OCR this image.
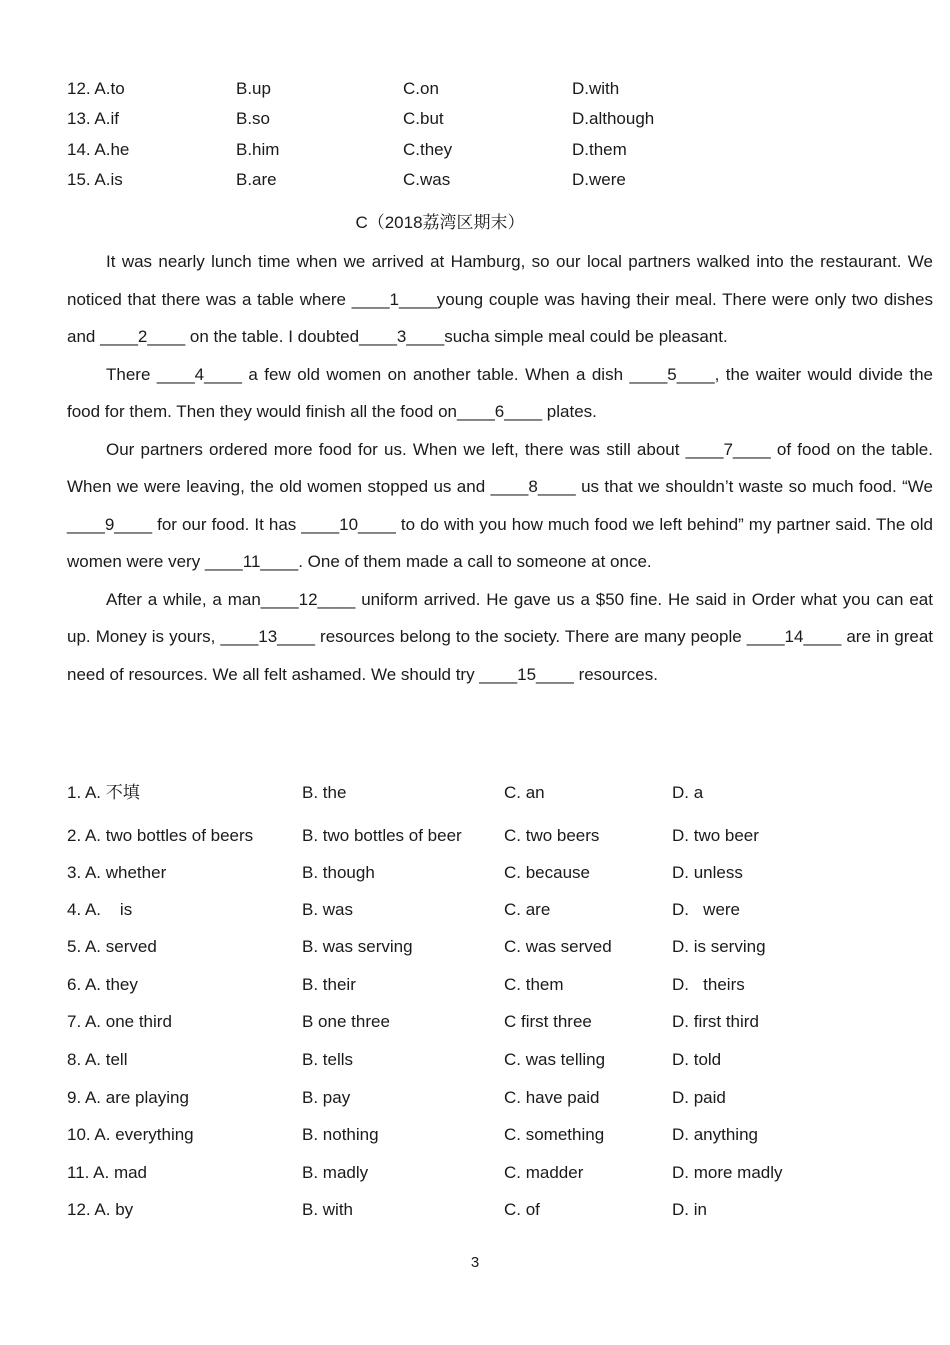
12. A.to	B.up	C.on	D.with
13. A.if	B.so	C.but	D.although
14. A.he	B.him	C.they	D.them
15. A.is	B.are	C.was	D.were
C（2018荔湾区期末）

It was nearly lunch time when we arrived at Hamburg, so our local partners walked into the restaurant. We noticed that there was a table where ____1____young couple was having their meal. There were only two dishes and ____2____ on the table. I doubted____3____sucha simple meal could be pleasant.

There ____4____ a few old women on another table. When a dish ____5____, the waiter would divide the food for them. Then they would finish all the food on____6____ plates.

Our partners ordered more food for us. When we left, there was still about ____7____ of food on the table. When we were leaving, the old women stopped us and ____8____ us that we shouldn’t waste so much food. “We ____9____ for our food. It has ____10____ to do with you how much food we left behind” my partner said. The old women were very ____11____. One of them made a call to someone at once.

After a while, a man____12____ uniform arrived. He gave us a $50 fine. He said in Order what you can eat up. Money is yours, ____13____ resources belong to the society. There are many people ____14____ are in great need of resources. We all felt ashamed. We should try ____15____ resources.

1. A. 不填	B. the	C. an	D. a
2. A. two bottles of beers	B. two bottles of beer C. two beers	D. two beer
3. A. whether	B. though	C. because	D. unless
4. A.    is	B. was	C. are	D.   were
5. A. served	B. was serving	C. was served	D. is serving
6. A. they	B. their	C. them	D.   theirs
7. A. one third	B one three	C first three	D. first third
8. A. tell	B. tells	C. was telling	D. told
9. A. are playing	B. pay	C. have paid	D. paid
10. A. everything	B. nothing	C. something	D. anything
11. A. mad	B. madly	C. madder	D. more madly
12. A. by	B. with	C. of	D. in
3
